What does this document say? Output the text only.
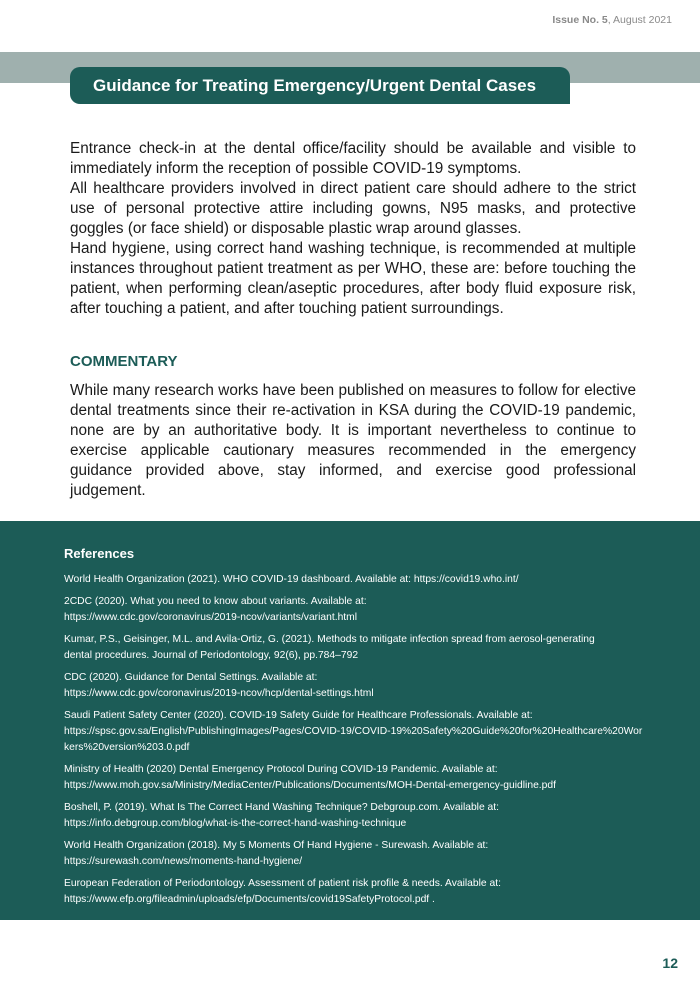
Issue No. 5, August 2021
Guidance for Treating Emergency/Urgent Dental Cases

Entrance check-in at the dental office/facility should be available and visible to immediately inform the reception of possible COVID-19 symptoms.

All healthcare providers involved in direct patient care should adhere to the strict use of personal protective attire including gowns, N95 masks, and protective goggles (or face shield) or disposable plastic wrap around glasses.

Hand hygiene, using correct hand washing technique, is recommended at multiple instances throughout patient treatment as per WHO, these are: before touching the patient, when performing clean/aseptic procedures, after body fluid exposure risk, after touching a patient, and after touching patient surroundings.

COMMENTARY
While many research works have been published on measures to follow for elective dental treatments since their re-activation in KSA during the COVID-19 pandemic, none are by an authoritative body. It is important nevertheless to continue to exercise applicable cautionary measures recommended in the emergency guidance provided above, stay informed, and exercise good professional judgement.
References
World Health Organization (2021). WHO COVID-19 dashboard. Available at: https://covid19.who.int/
2CDC (2020). What you need to know about variants. Available at:
https://www.cdc.gov/coronavirus/2019-ncov/variants/variant.html
Kumar, P.S., Geisinger, M.L. and Avila-Ortiz, G. (2021). Methods to mitigate infection spread from aerosol-generating
dental procedures. Journal of Periodontology, 92(6), pp.784–792
CDC (2020). Guidance for Dental Settings. Available at:
https://www.cdc.gov/coronavirus/2019-ncov/hcp/dental-settings.html
Saudi Patient Safety Center (2020). COVID-19 Safety Guide for Healthcare Professionals. Available at:
https://spsc.gov.sa/English/PublishingImages/Pages/COVID-19/COVID-19%20Safety%20Guide%20for%20Healthcare%20Workers%20version%203.0.pdf
Ministry of Health (2020) Dental Emergency Protocol During COVID-19 Pandemic. Available at:
https://www.moh.gov.sa/Ministry/MediaCenter/Publications/Documents/MOH-Dental-emergency-guidline.pdf
Boshell, P. (2019). What Is The Correct Hand Washing Technique? Debgroup.com. Available at:
https://info.debgroup.com/blog/what-is-the-correct-hand-washing-technique
World Health Organization (2018). My 5 Moments Of Hand Hygiene - Surewash. Available at:
https://surewash.com/news/moments-hand-hygiene/
European Federation of Periodontology. Assessment of patient risk profile & needs. Available at:
https://www.efp.org/fileadmin/uploads/efp/Documents/covid19SafetyProtocol.pdf .
12
